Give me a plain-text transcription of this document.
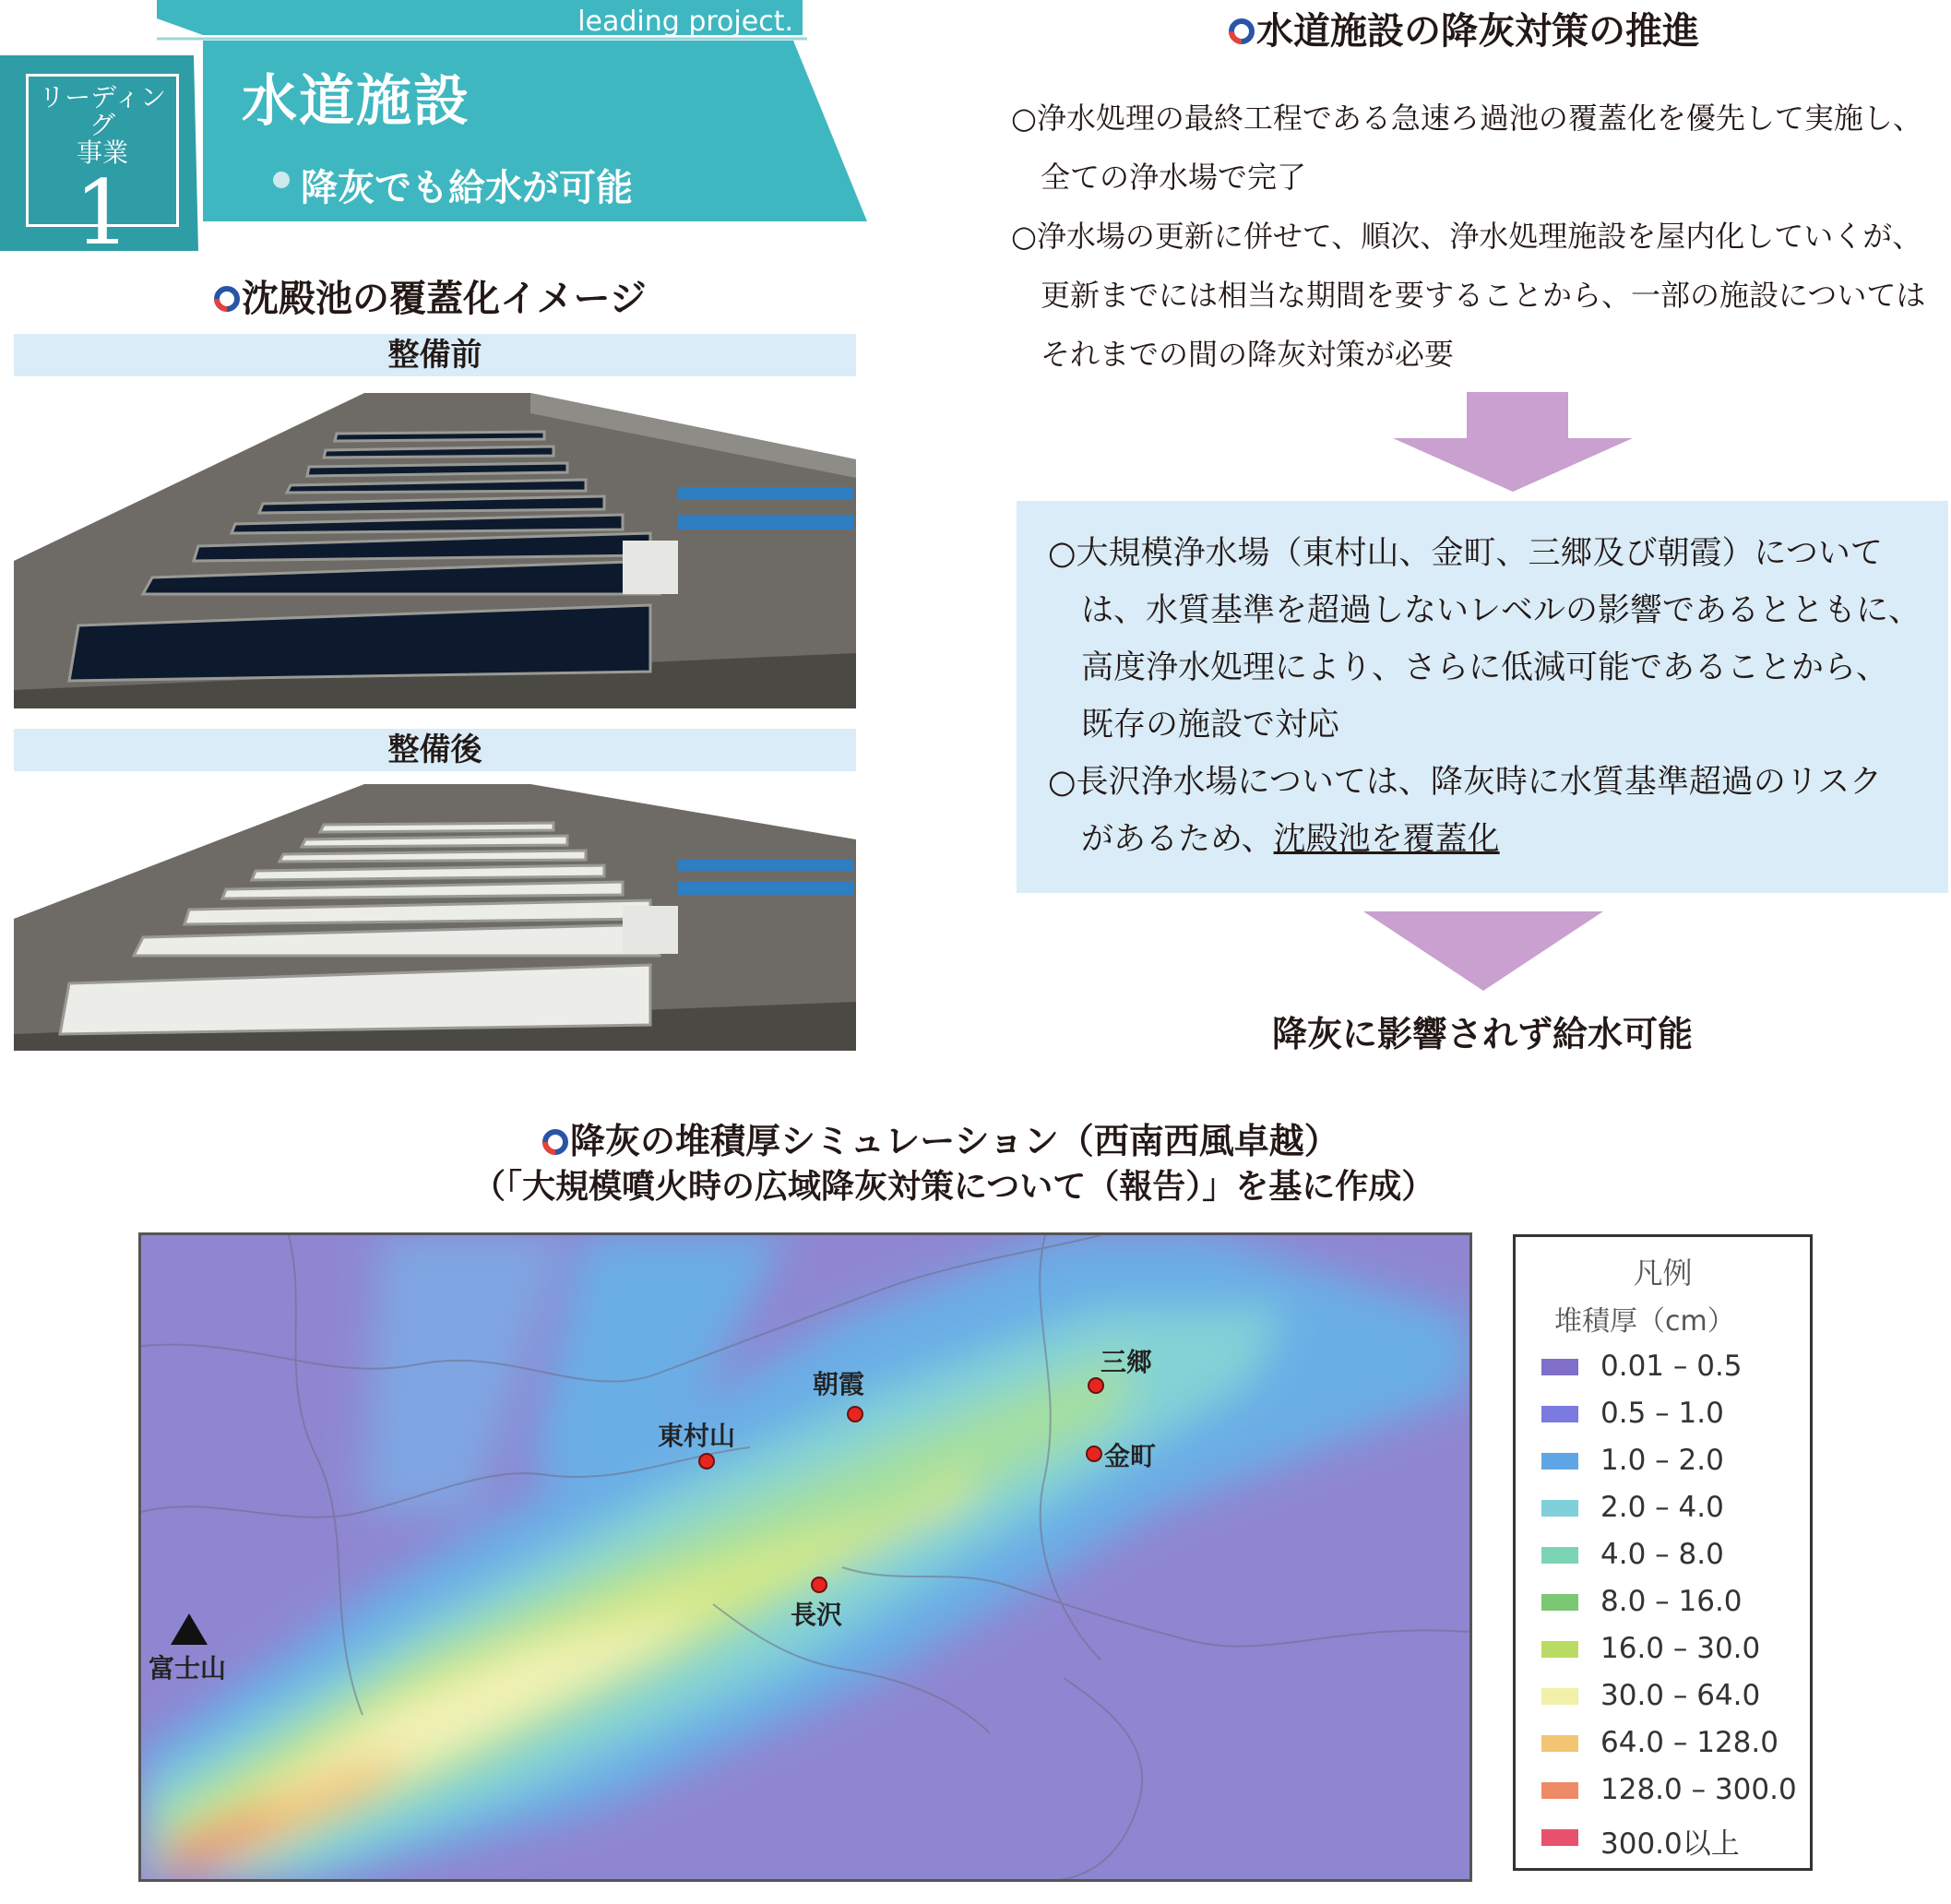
leading project.
リーディング
事業
1
水道施設
降灰でも給水が可能
沈殿池の覆蓋化イメージ
整備前
整備後
水道施設の降灰対策の推進
○浄水処理の最終工程である急速ろ過池の覆蓋化を優先して実施し、
全ての浄水場で完了
○浄水場の更新に併せて、順次、浄水処理施設を屋内化していくが、
更新までには相当な期間を要することから、一部の施設については
それまでの間の降灰対策が必要
○大規模浄水場（東村山、金町、三郷及び朝霞）について
は、水質基準を超過しないレベルの影響であるとともに、
高度浄水処理により、さらに低減可能であることから、
既存の施設で対応
○長沢浄水場については、降灰時に水質基準超過のリスク
があるため、沈殿池を覆蓋化
降灰に影響されず給水可能
降灰の堆積厚シミュレーション（西南西風卓越）
（「大規模噴火時の広域降灰対策について（報告）」を基に作成）
朝霞
三郷
東村山
金町
長沢
富士山
凡例
堆積厚（cm）
0.01 – 0.5
0.5 – 1.0
1.0 – 2.0
2.0 – 4.0
4.0 – 8.0
8.0 – 16.0
16.0 – 30.0
30.0 – 64.0
64.0 – 128.0
128.0 – 300.0
300.0以上
